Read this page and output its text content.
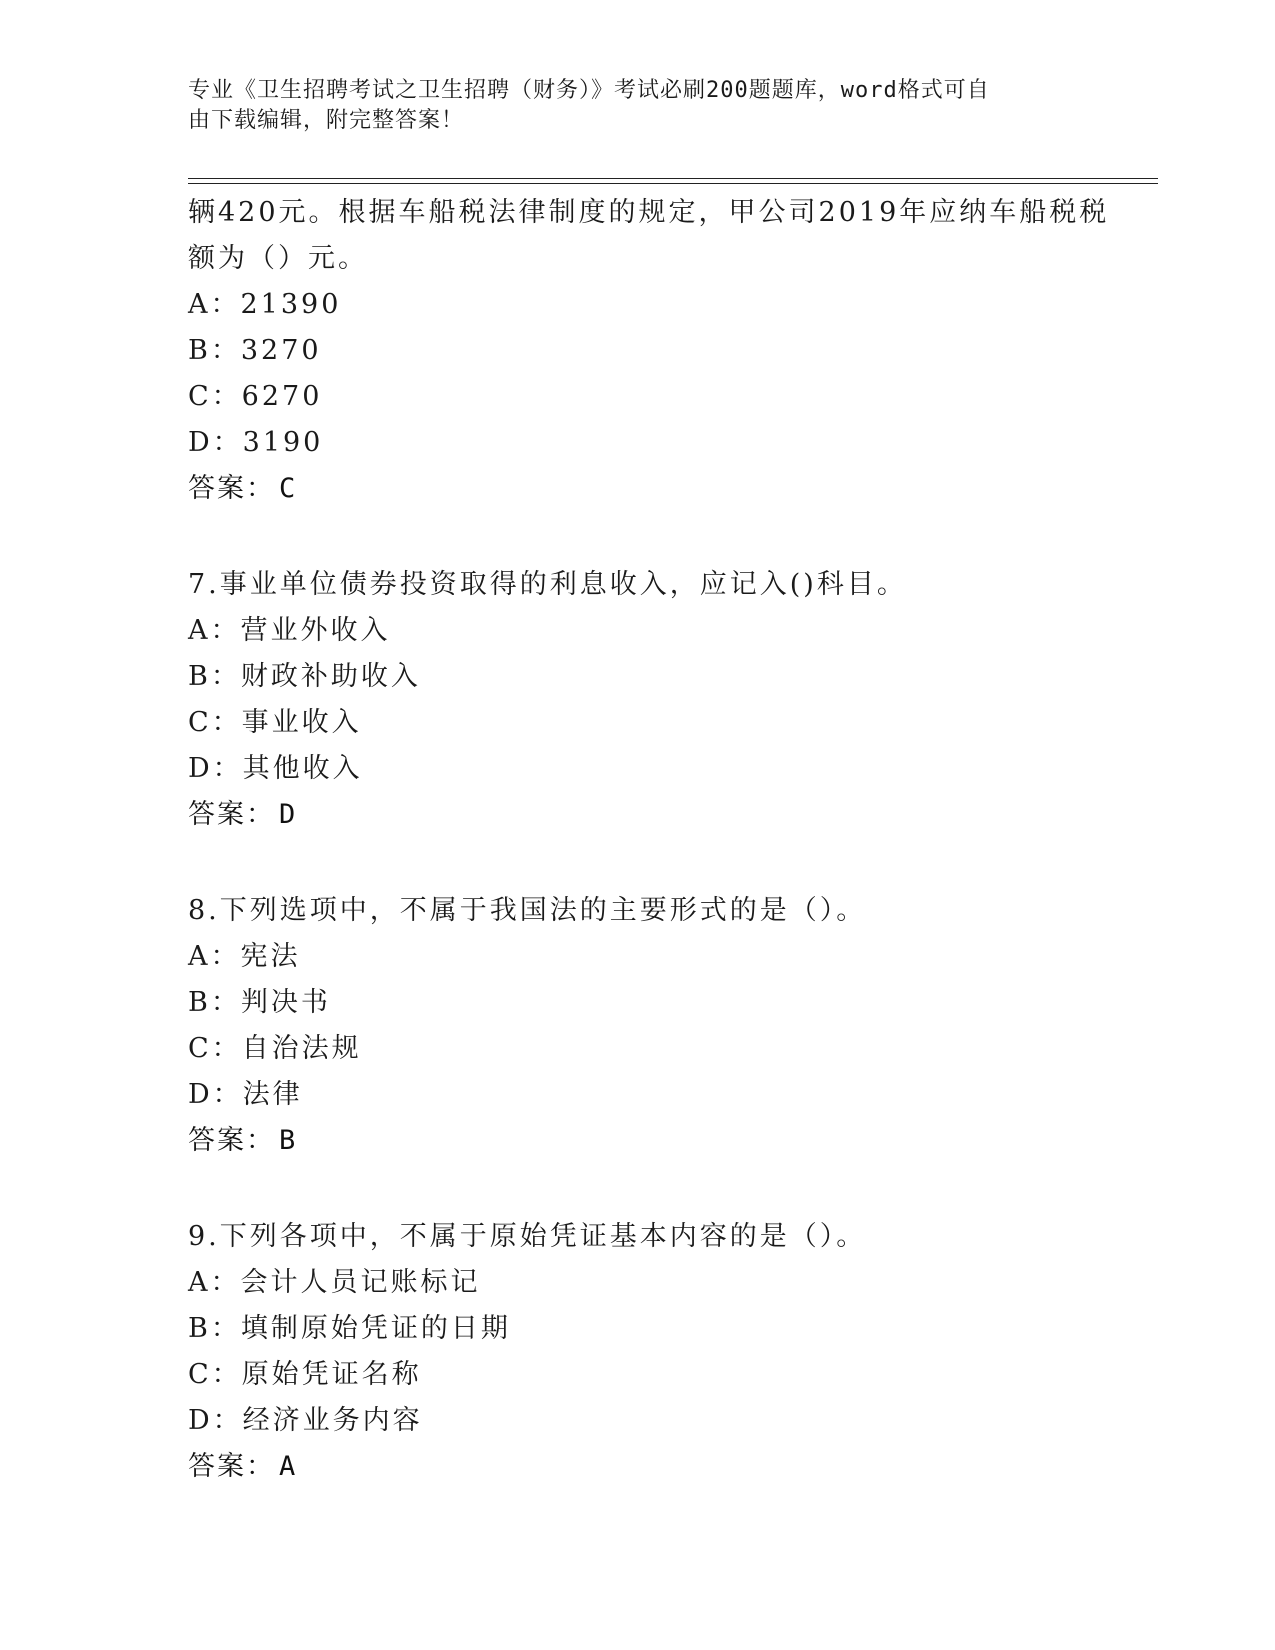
专业《卫生招聘考试之卫生招聘（财务）》考试必刷200题题库，word格式可自
由下载编辑，附完整答案！
辆420元。根据车船税法律制度的规定，甲公司2019年应纳车船税税
额为（）元。
A：21390
B：3270
C：6270
D：3190
答案： C
7.事业单位债券投资取得的利息收入，应记入()科目。
A：营业外收入
B：财政补助收入
C：事业收入
D：其他收入
答案： D
8.下列选项中，不属于我国法的主要形式的是（）。
A：宪法
B：判决书
C：自治法规
D：法律
答案： B
9.下列各项中，不属于原始凭证基本内容的是（）。
A：会计人员记账标记
B：填制原始凭证的日期
C：原始凭证名称
D：经济业务内容
答案： A
